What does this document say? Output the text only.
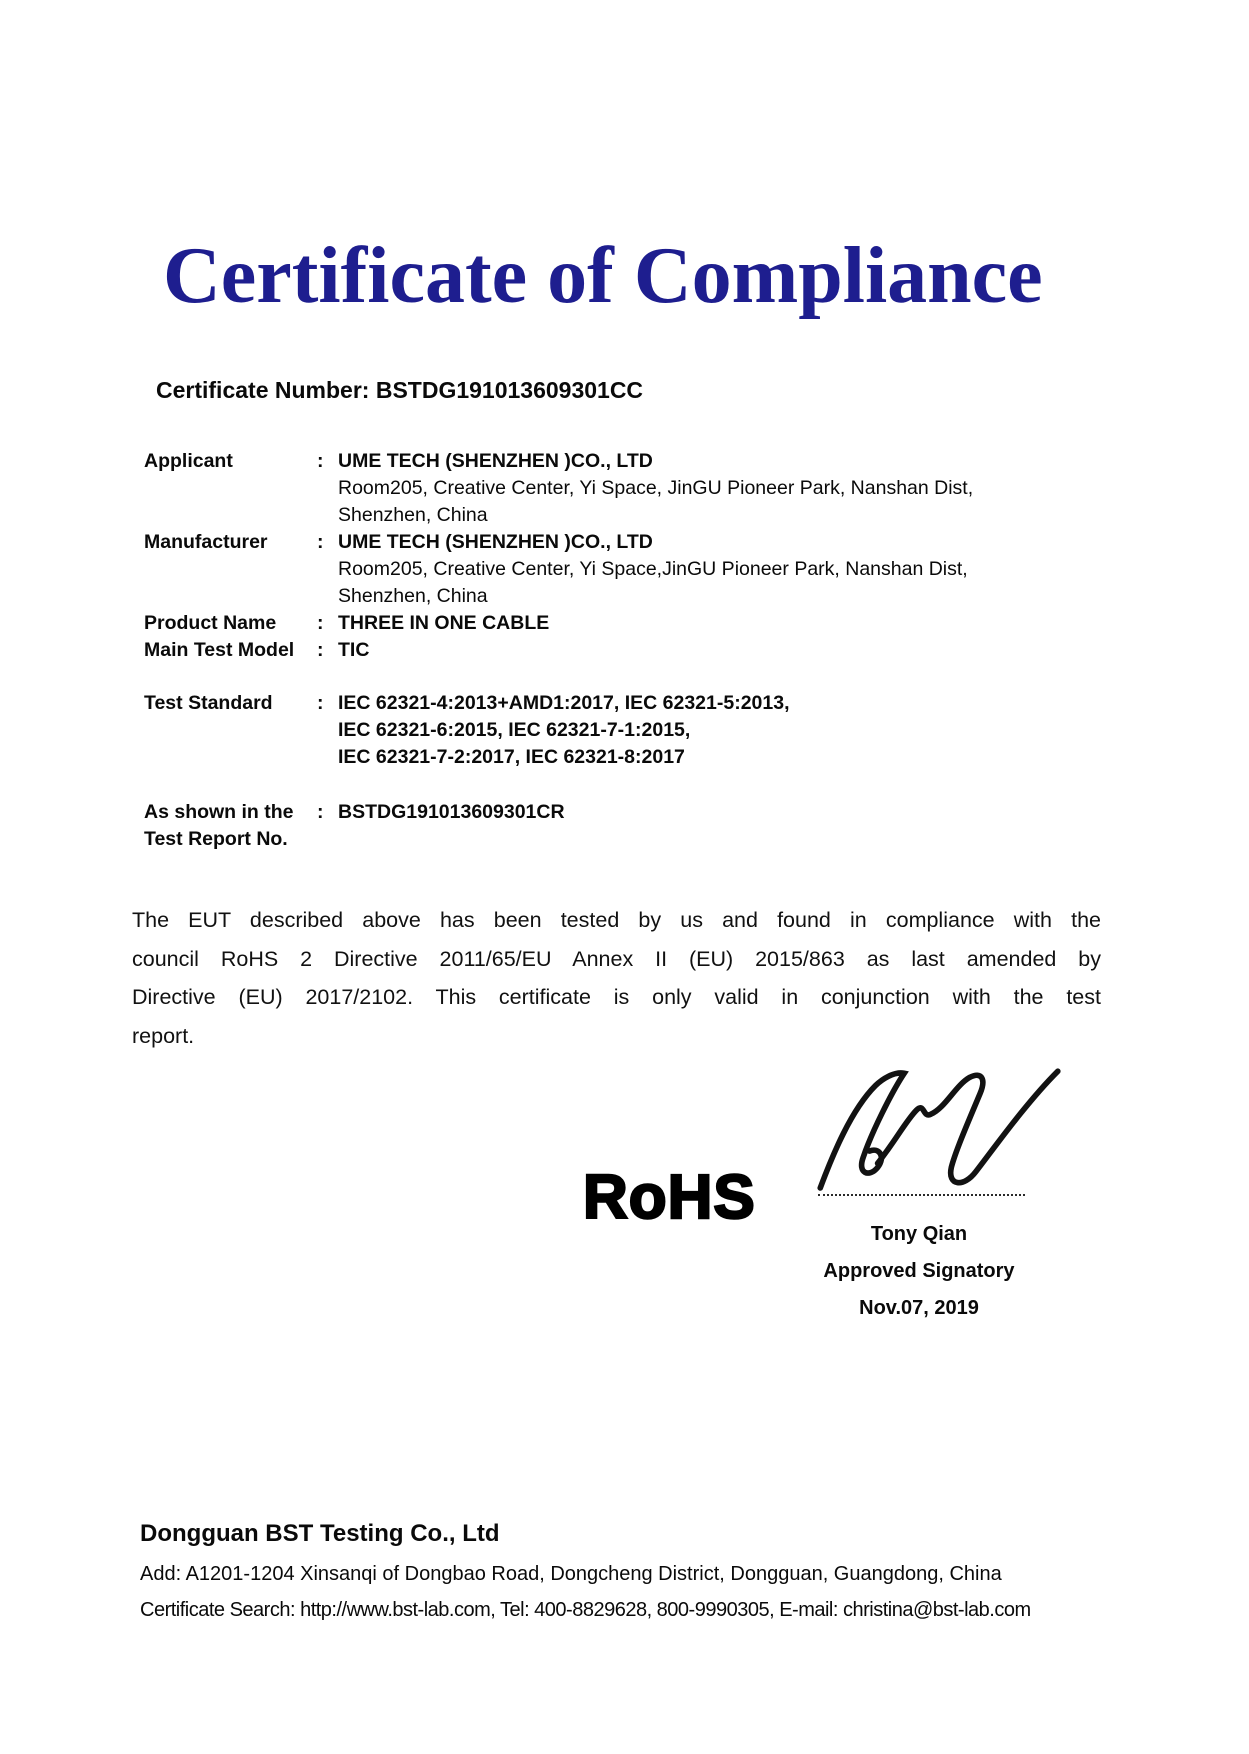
Certificate of Compliance
Certificate Number: BSTDG191013609301CC
Applicant	: UME TECH (SHENZHEN )CO., LTD
Room205, Creative Center, Yi Space, JinGU Pioneer Park, Nanshan Dist,
Shenzhen, China
Manufacturer	: UME TECH (SHENZHEN )CO., LTD
Room205, Creative Center, Yi Space,JinGU Pioneer Park, Nanshan Dist,
Shenzhen, China
Product Name	: THREE IN ONE CABLE
Main Test Model	: TIC
Test Standard	: IEC 62321-4:2013+AMD1:2017, IEC 62321-5:2013,
IEC 62321-6:2015, IEC 62321-7-1:2015,
IEC 62321-7-2:2017, IEC 62321-8:2017
As shown in the
Test Report No.
: BSTDG191013609301CR
The EUT described above has been tested by us and found in compliance with the
council RoHS 2 Directive 2011/65/EU Annex II (EU) 2015/863 as last amended by
Directive (EU) 2017/2102. This certificate is only valid in conjunction with the test
report.
RoHS
Tony Qian
Approved Signatory
Nov.07, 2019
Dongguan BST Testing Co., Ltd
Add: A1201-1204 Xinsanqi of Dongbao Road, Dongcheng District, Dongguan, Guangdong, China
Certificate Search: http://www.bst-lab.com, Tel: 400-8829628, 800-9990305, E-mail: christina@bst-lab.com
